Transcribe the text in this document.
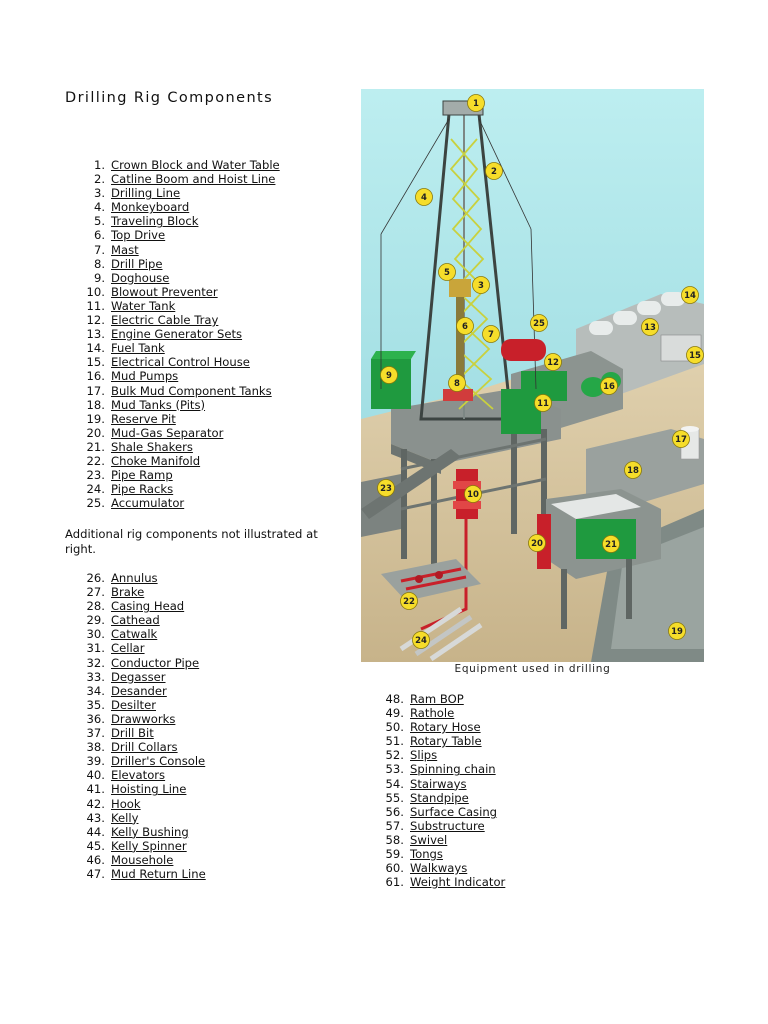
Drilling Rig Components
1. Crown Block and Water Table
2. Catline Boom and Hoist Line
3. Drilling Line
4. Monkeyboard
5. Traveling Block
6. Top Drive
7. Mast
8. Drill Pipe
9. Doghouse
10. Blowout Preventer
11. Water Tank
12. Electric Cable Tray
13. Engine Generator Sets
14. Fuel Tank
15. Electrical Control House
16. Mud Pumps
17. Bulk Mud Component Tanks
18. Mud Tanks (Pits)
19. Reserve Pit
20. Mud-Gas Separator
21. Shale Shakers
22. Choke Manifold
23. Pipe Ramp
24. Pipe Racks
25. Accumulator
Additional rig components not illustrated at right.
26. Annulus
27. Brake
28. Casing Head
29. Cathead
30. Catwalk
31. Cellar
32. Conductor Pipe
33. Degasser
34. Desander
35. Desilter
36. Drawworks
37. Drill Bit
38. Drill Collars
39. Driller's Console
40. Elevators
41. Hoisting Line
42. Hook
43. Kelly
44. Kelly Bushing
45. Kelly Spinner
46. Mousehole
47. Mud Return Line
48. Ram BOP
49. Rathole
50. Rotary Hose
51. Rotary Table
52. Slips
53. Spinning chain
54. Stairways
55. Standpipe
56. Surface Casing
57. Substructure
58. Swivel
59. Tongs
60. Walkways
61. Weight Indicator
1
2
3
4
5
6
7
8
9
10
11
12
13
14
15
16
17
18
19
20	21
22
23
24
25
Equipment used in drilling
